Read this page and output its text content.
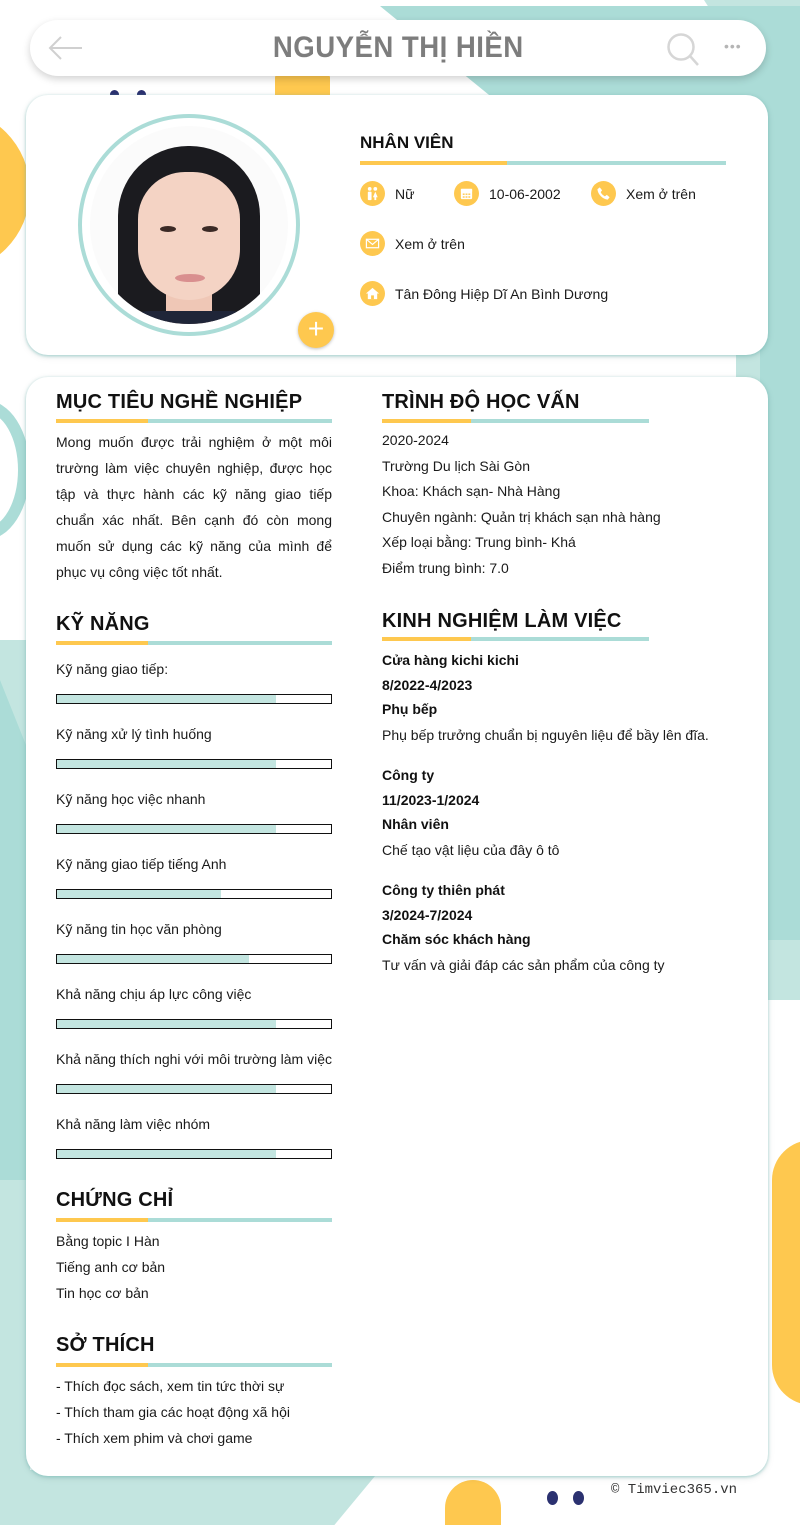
NGUYỄN THỊ HIỀN	•••
+
NHÂN VIÊN
Nữ	10-06-2002	Xem ở trên
Xem ở trên
Tân Đông Hiệp Dĩ An Bình Dương
MỤC TIÊU NGHỀ NGHIỆP
Mong muốn được trải nghiệm ở một môi trường làm việc chuyên nghiệp, được học tập và thực hành các kỹ năng giao tiếp chuẩn xác nhất. Bên cạnh đó còn mong muốn sử dụng các kỹ năng của mình để phục vụ công việc tốt nhất.
KỸ NĂNG
Kỹ năng giao tiếp:
Kỹ năng xử lý tình huống
Kỹ năng học việc nhanh
Kỹ năng giao tiếp tiếng Anh
Kỹ năng tin học văn phòng
Khả năng chịu áp lực công việc
Khả năng thích nghi với môi trường làm việc
Khả năng làm việc nhóm
CHỨNG CHỈ
Bằng topic I Hàn
Tiếng anh cơ bản
Tin học cơ bản
SỞ THÍCH
- Thích đọc sách, xem tin tức thời sự
- Thích tham gia các hoạt động xã hội
- Thích xem phim và chơi game
TRÌNH ĐỘ HỌC VẤN
2020-2024
Trường Du lịch Sài Gòn
Khoa: Khách sạn- Nhà Hàng
Chuyên ngành: Quản trị khách sạn nhà hàng
Xếp loại bằng: Trung bình- Khá
Điểm trung bình: 7.0
KINH NGHIỆM LÀM VIỆC
Cửa hàng kichi kichi
8/2022-4/2023
Phụ bếp
Phụ bếp trưởng chuẩn bị nguyên liệu để bầy lên đĩa.
Công ty
11/2023-1/2024
Nhân viên
Chế tạo vật liệu của đây ô tô
Công ty thiên phát
3/2024-7/2024
Chăm sóc khách hàng
Tư vấn và giải đáp các sản phẩm của công ty
© Timviec365.vn
